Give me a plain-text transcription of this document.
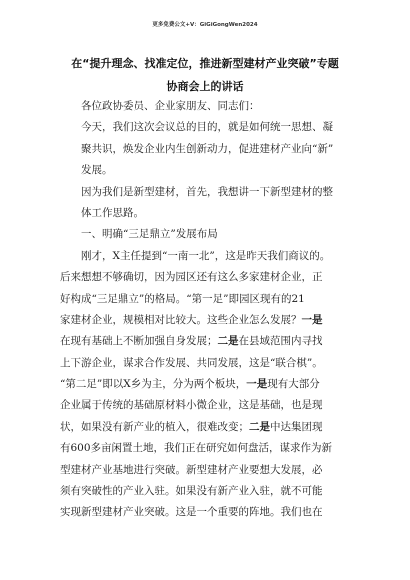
更多免费公文+V：GiGiGongWen2024
在“提升理念、找准定位，推进新型建材产业突破”专题
协商会上的讲话
各位政协委员、企业家朋友、同志们：
今天，我们这次会议总的目的，就是如何统一思想、凝
聚共识，焕发企业内生创新动力，促进建材产业向“新”
发展。
因为我们是新型建材，首先，我想讲一下新型建材的整
体工作思路。
一、明确“三足鼎立”发展布局
刚才，X主任提到“一南一北”，这是昨天我们商议的。
后来想想不够确切，因为园区还有这么多家建材企业，正
好构成“三足鼎立”的格局。“第一足”即园区现有的21
家建材企业，规模相对比较大。这些企业怎么发展？一是
在现有基础上不断加强自身发展；二是在县域范围内寻找
上下游企业，谋求合作发展、共同发展，这是“联合棋”。
“第二足”即以X乡为主，分为两个板块，一是现有大部分
企业属于传统的基础原材料小微企业，这是基础，也是现
状，如果没有新产业的植入，很难改变；二是中达集团现
有600多亩闲置土地，我们正在研究如何盘活，谋求作为新
型建材产业基地进行突破。新型建材产业要想大发展，必
须有突破性的产业入驻。如果没有新产业入驻，就不可能
实现新型建材产业突破。这是一个重要的阵地。我们也在
